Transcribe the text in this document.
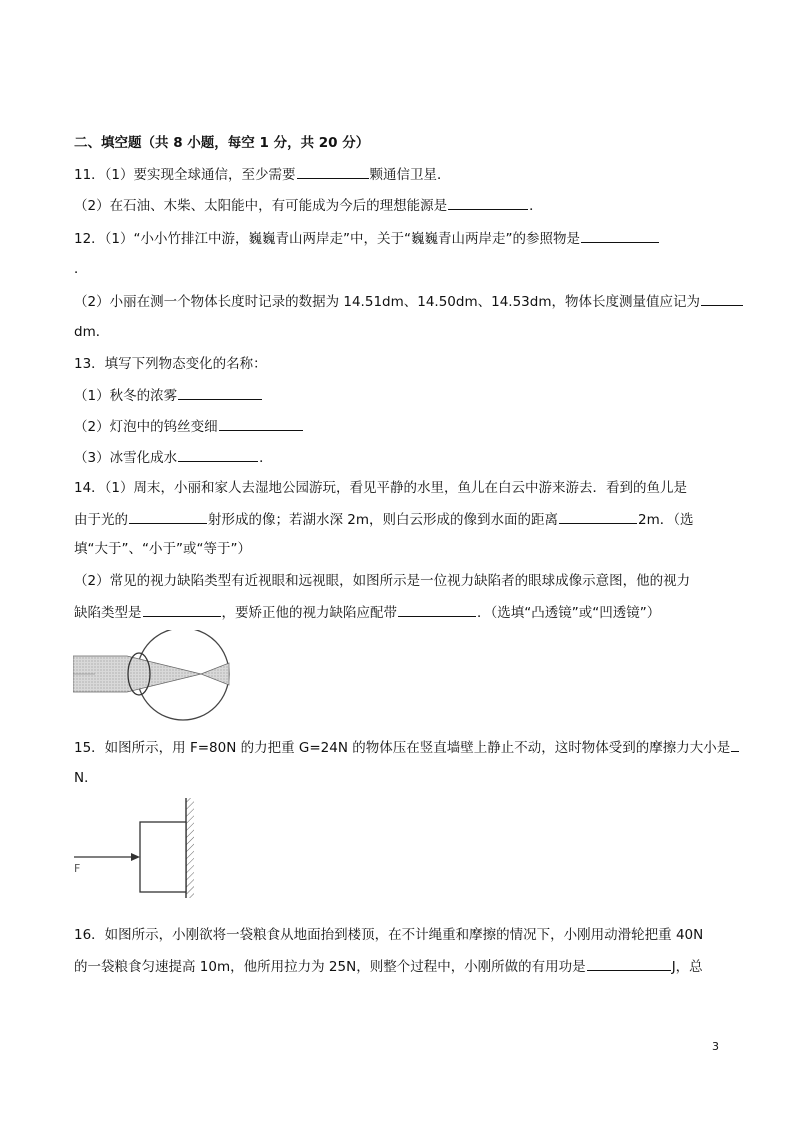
二、填空题（共 8 小题，每空 1 分，共 20 分）
11．（1）要实现全球通信，至少需要	颗通信卫星．
（2）在石油、木柴、太阳能中，有可能成为今后的理想能源是	．
12．（1）“小小竹排江中游，巍巍青山两岸走”中，关于“巍巍青山两岸走”的参照物是
．
（2）小丽在测一个物体长度时记录的数据为 14.51dm、14.50dm、14.53dm，物体长度测量值应记为
dm．
13．填写下列物态变化的名称：
（1）秋冬的浓雾
（2）灯泡中的钨丝变细
（3）冰雪化成水	．
14．（1）周末，小丽和家人去湿地公园游玩，看见平静的水里，鱼儿在白云中游来游去．看到的鱼儿是
由于光的	射形成的像；若湖水深 2m，则白云形成的像到水面的距离	2m．（选
填“大于”、“小于”或“等于”）
（2）常见的视力缺陷类型有近视眼和远视眼，如图所示是一位视力缺陷者的眼球成像示意图，他的视力
缺陷类型是	，要矫正他的视力缺陷应配带	．（选填“凸透镜”或“凹透镜”）
15．如图所示，用 F=80N 的力把重 G=24N 的物体压在竖直墙壁上静止不动，这时物体受到的摩擦力大小是
N．
F
16．如图所示，小刚欲将一袋粮食从地面抬到楼顶，在不计绳重和摩擦的情况下，小刚用动滑轮把重 40N
的一袋粮食匀速提高 10m，他所用拉力为 25N，则整个过程中，小刚所做的有用功是	J，总
3
